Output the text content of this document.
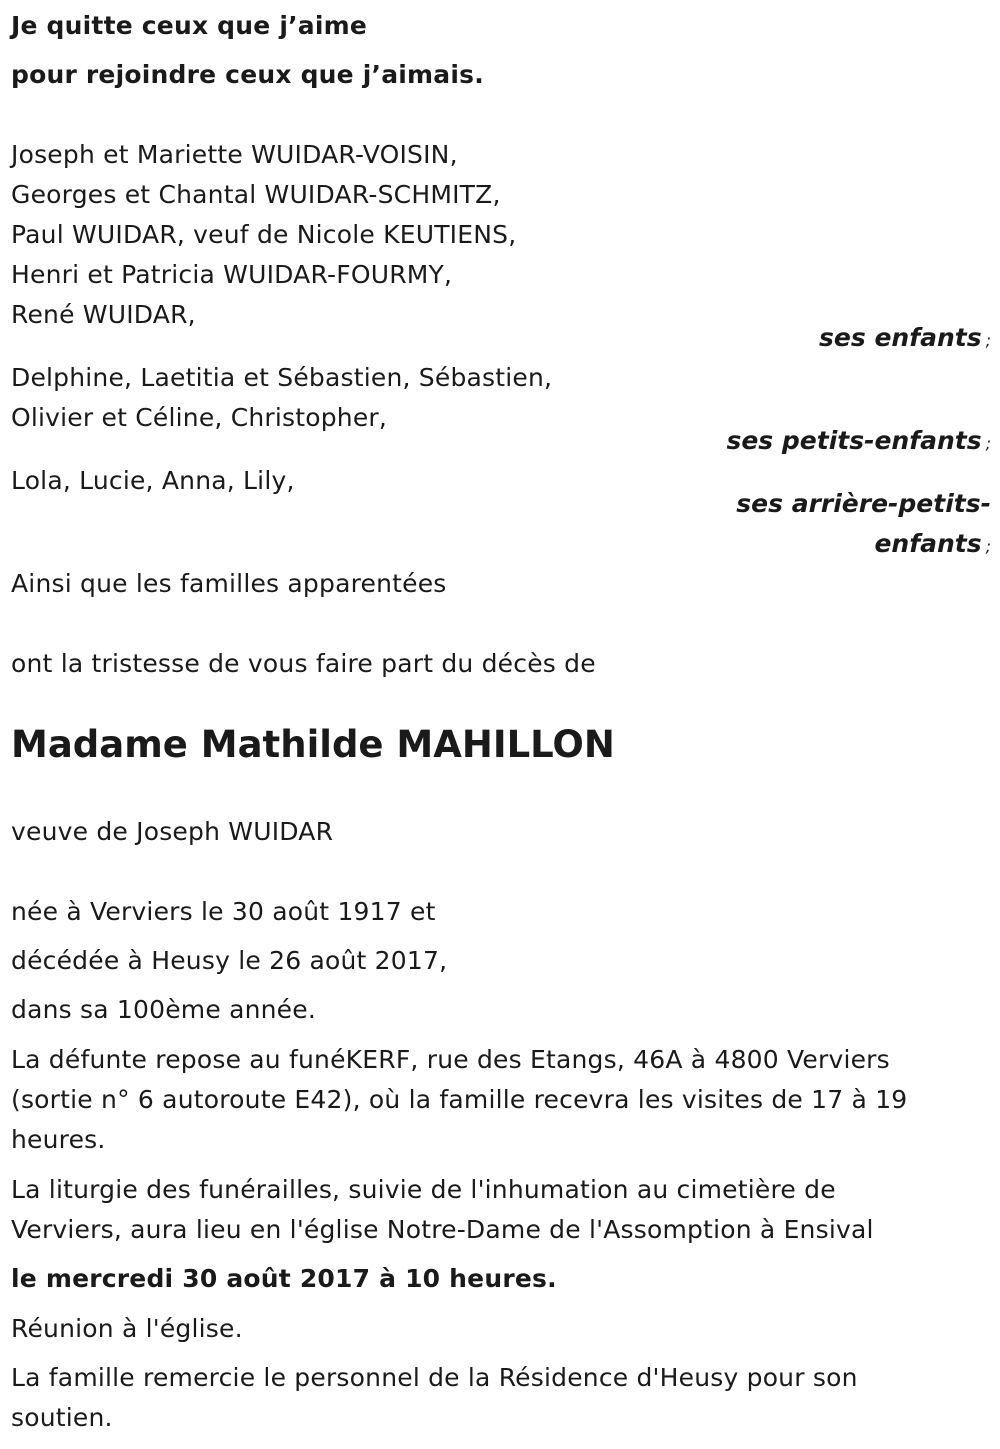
Je quitte ceux que j’aime
pour rejoindre ceux que j’aimais.
Joseph et Mariette WUIDAR-VOISIN,
Georges et Chantal WUIDAR-SCHMITZ,
Paul WUIDAR, veuf de Nicole KEUTIENS,
Henri et Patricia WUIDAR-FOURMY,
René WUIDAR,
ses enfants ;
Delphine, Laetitia et Sébastien, Sébastien,
Olivier et Céline, Christopher,
ses petits-enfants ;
Lola, Lucie, Anna, Lily,
ses arrière-petits-
enfants ;
Ainsi que les familles apparentées
ont la tristesse de vous faire part du décès de
Madame Mathilde MAHILLON
veuve de Joseph WUIDAR
née à Verviers le 30 août 1917 et
décédée à Heusy le 26 août 2017,
dans sa 100ème année.
La défunte repose au funéKERF, rue des Etangs, 46A à 4800 Verviers
(sortie n° 6 autoroute E42), où la famille recevra les visites de 17 à 19
heures.
La liturgie des funérailles, suivie de l'inhumation au cimetière de
Verviers, aura lieu en l'église Notre-Dame de l'Assomption à Ensival
le mercredi 30 août 2017 à 10 heures.
Réunion à l'église.
La famille remercie le personnel de la Résidence d'Heusy pour son
soutien.
